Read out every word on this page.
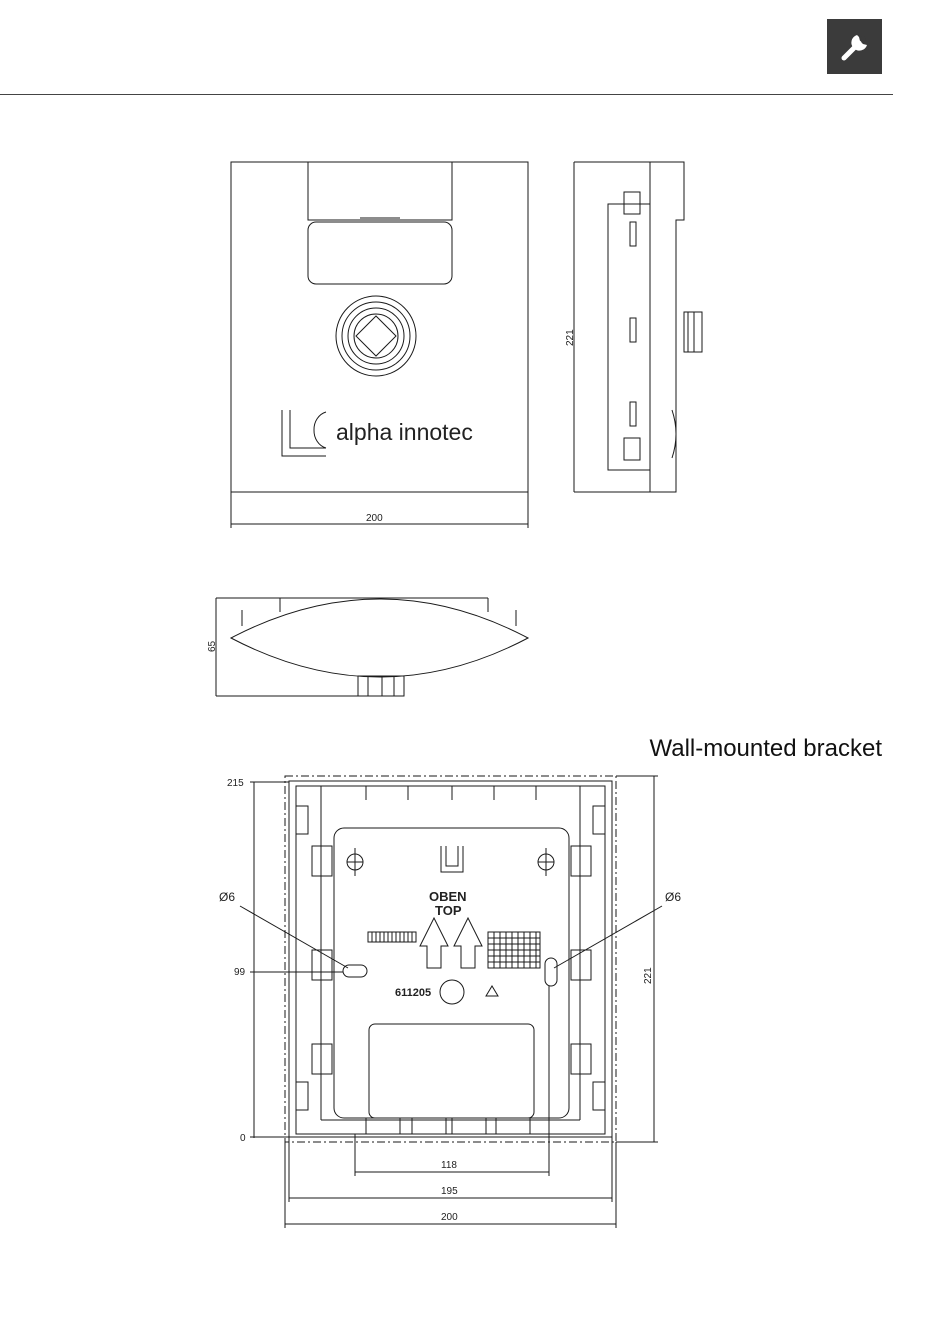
alpha innotec
200
221
65
215
99
0
Ø6	Ø6
221
OBEN
TOP
611205
118
195
200
Wall-mounted bracket
